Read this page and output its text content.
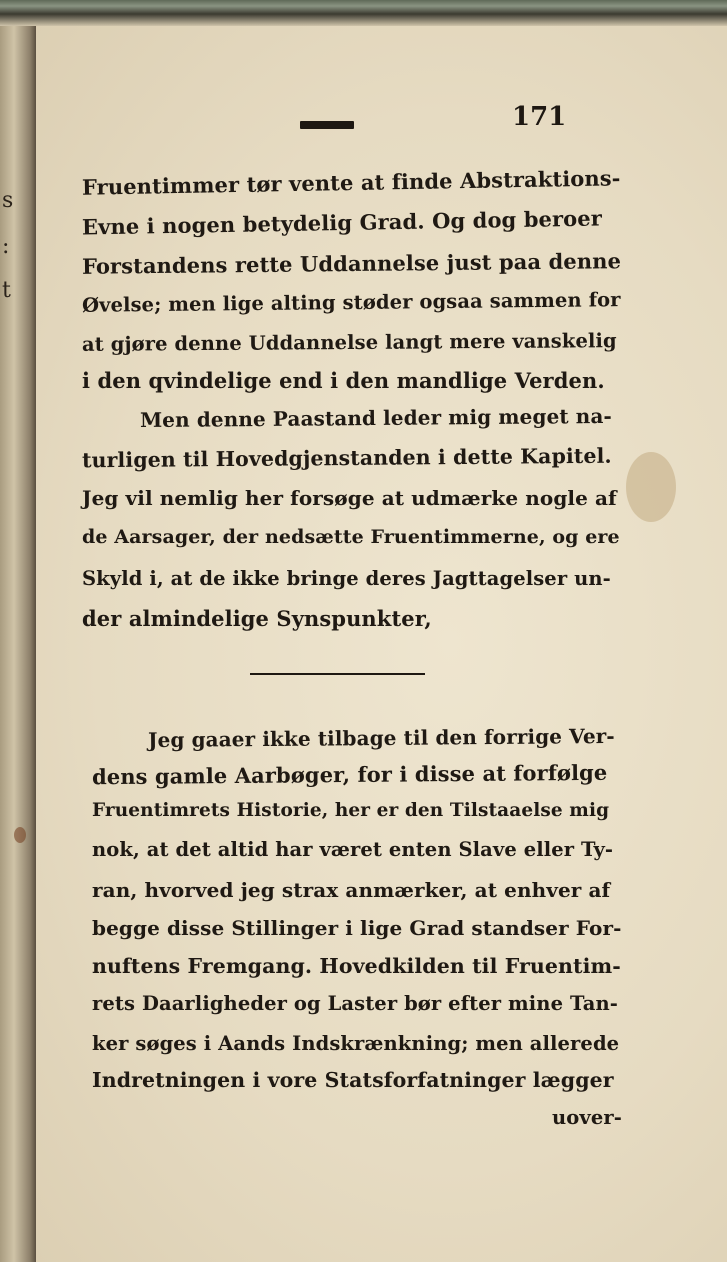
s
:
t
171
Fruentimmer tør vente at finde Abstraktions-
Evne i nogen betydelig Grad. Og dog beroer
Forstandens rette Uddannelse just paa denne
Øvelse; men lige alting støder ogsaa sammen for
at gjøre denne Uddannelse langt mere vanskelig
i den qvindelige end i den mandlige Verden.
Men denne Paastand leder mig meget na-
turligen til Hovedgjenstanden i dette Kapitel.
Jeg vil nemlig her forsøge at udmærke nogle af
de Aarsager, der nedsætte Fruentimmerne, og ere
Skyld i, at de ikke bringe deres Jagttagelser un-
der almindelige Synspunkter,
Jeg gaaer ikke tilbage til den forrige Ver-
dens gamle Aarbøger, for i disse at forfølge
Fruentimrets Historie, her er den Tilstaaelse mig
nok, at det altid har været enten Slave eller Ty-
ran, hvorved jeg strax anmærker, at enhver af
begge disse Stillinger i lige Grad standser For-
nuftens Fremgang. Hovedkilden til Fruentim-
rets Daarligheder og Laster bør efter mine Tan-
ker søges i Aands Indskrænkning; men allerede
Indretningen i vore Statsforfatninger lægger
uover-
